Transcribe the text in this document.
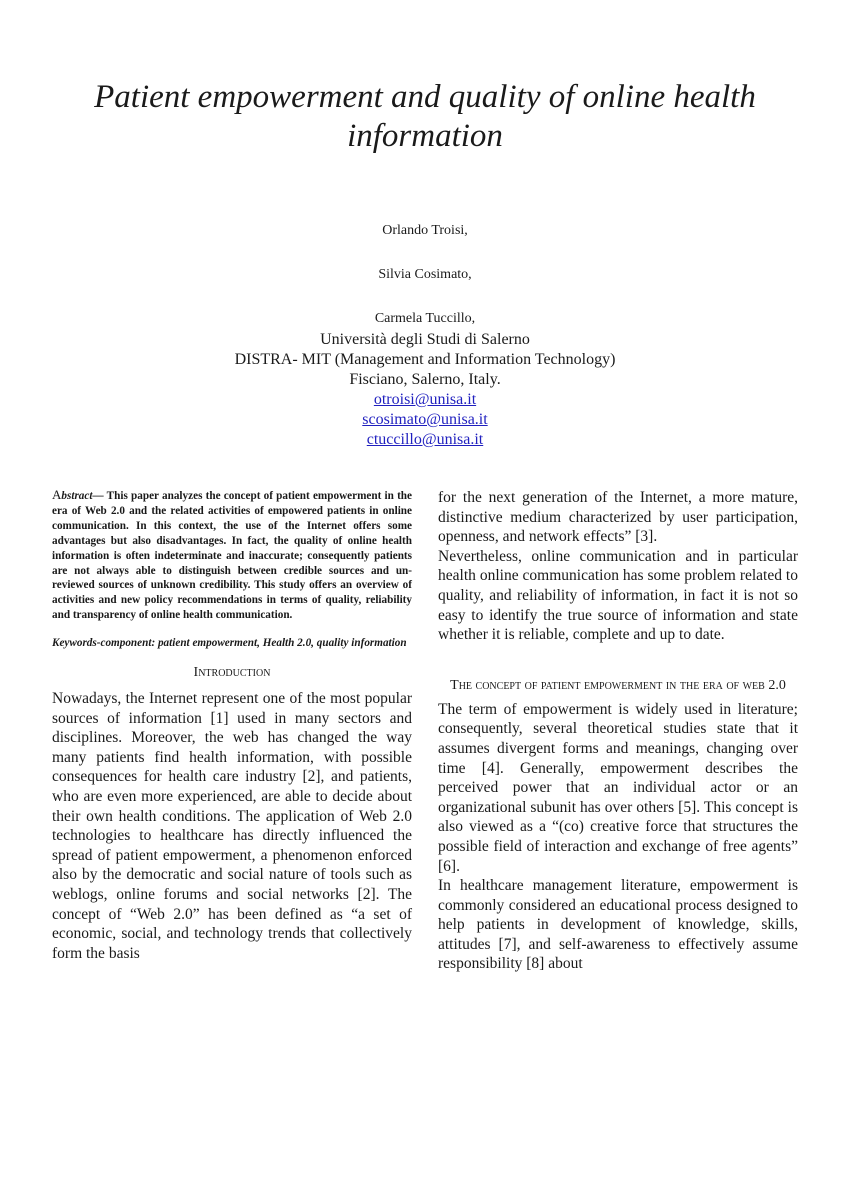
Patient empowerment and quality of online health
information
Orlando Troisi,
Silvia Cosimato,
Carmela Tuccillo,
Università degli Studi di Salerno
DISTRA- MIT (Management and Information Technology)
Fisciano, Salerno, Italy.
otroisi@unisa.it
scosimato@unisa.it
ctuccillo@unisa.it
Abstract— This paper analyzes the concept of patient empowerment in the era of Web 2.0 and the related activities of empowered patients in online communication. In this context, the use of the Internet offers some advantages but also disadvantages. In fact, the quality of online health information is often indeterminate and inaccurate; consequently patients are not always able to distinguish between credible sources and un-reviewed sources of unknown credibility. This study offers an overview of activities and new policy recommendations in terms of quality, reliability and transparency of online health communication.
Keywords-component: patient empowerment, Health 2.0, quality information
Introduction

Nowadays, the Internet represent one of the most popular sources of information [1] used in many sectors and disciplines. Moreover, the web has changed the way many patients find health information, with possible consequences for health care industry [2], and patients, who are even more experienced, are able to decide about their own health conditions. The application of Web 2.0 technologies to healthcare has directly influenced the spread of patient empowerment, a phenomenon enforced also by the democratic and social nature of tools such as weblogs, online forums and social networks [2]. The concept of “Web 2.0” has been defined as “a set of economic, social, and technology trends that collectively form the basis

for the next generation of the Internet, a more mature, distinctive medium characterized by user participation, openness, and network effects” [3].

Nevertheless, online communication and in particular health online communication has some problem related to quality, and reliability of information, in fact it is not so easy to identify the true source of information and state whether it is reliable, complete and up to date.

The concept of patient empowerment in the era of web 2.0

The term of empowerment is widely used in literature; consequently, several theoretical studies state that it assumes divergent forms and meanings, changing over time [4]. Generally, empowerment describes the perceived power that an individual actor or an organizational subunit has over others [5]. This concept is also viewed as a “(co) creative force that structures the possible field of interaction and exchange of free agents” [6].

In healthcare management literature, empowerment is commonly considered an educational process designed to help patients in development of knowledge, skills, attitudes [7], and self-awareness to effectively assume responsibility [8] about
